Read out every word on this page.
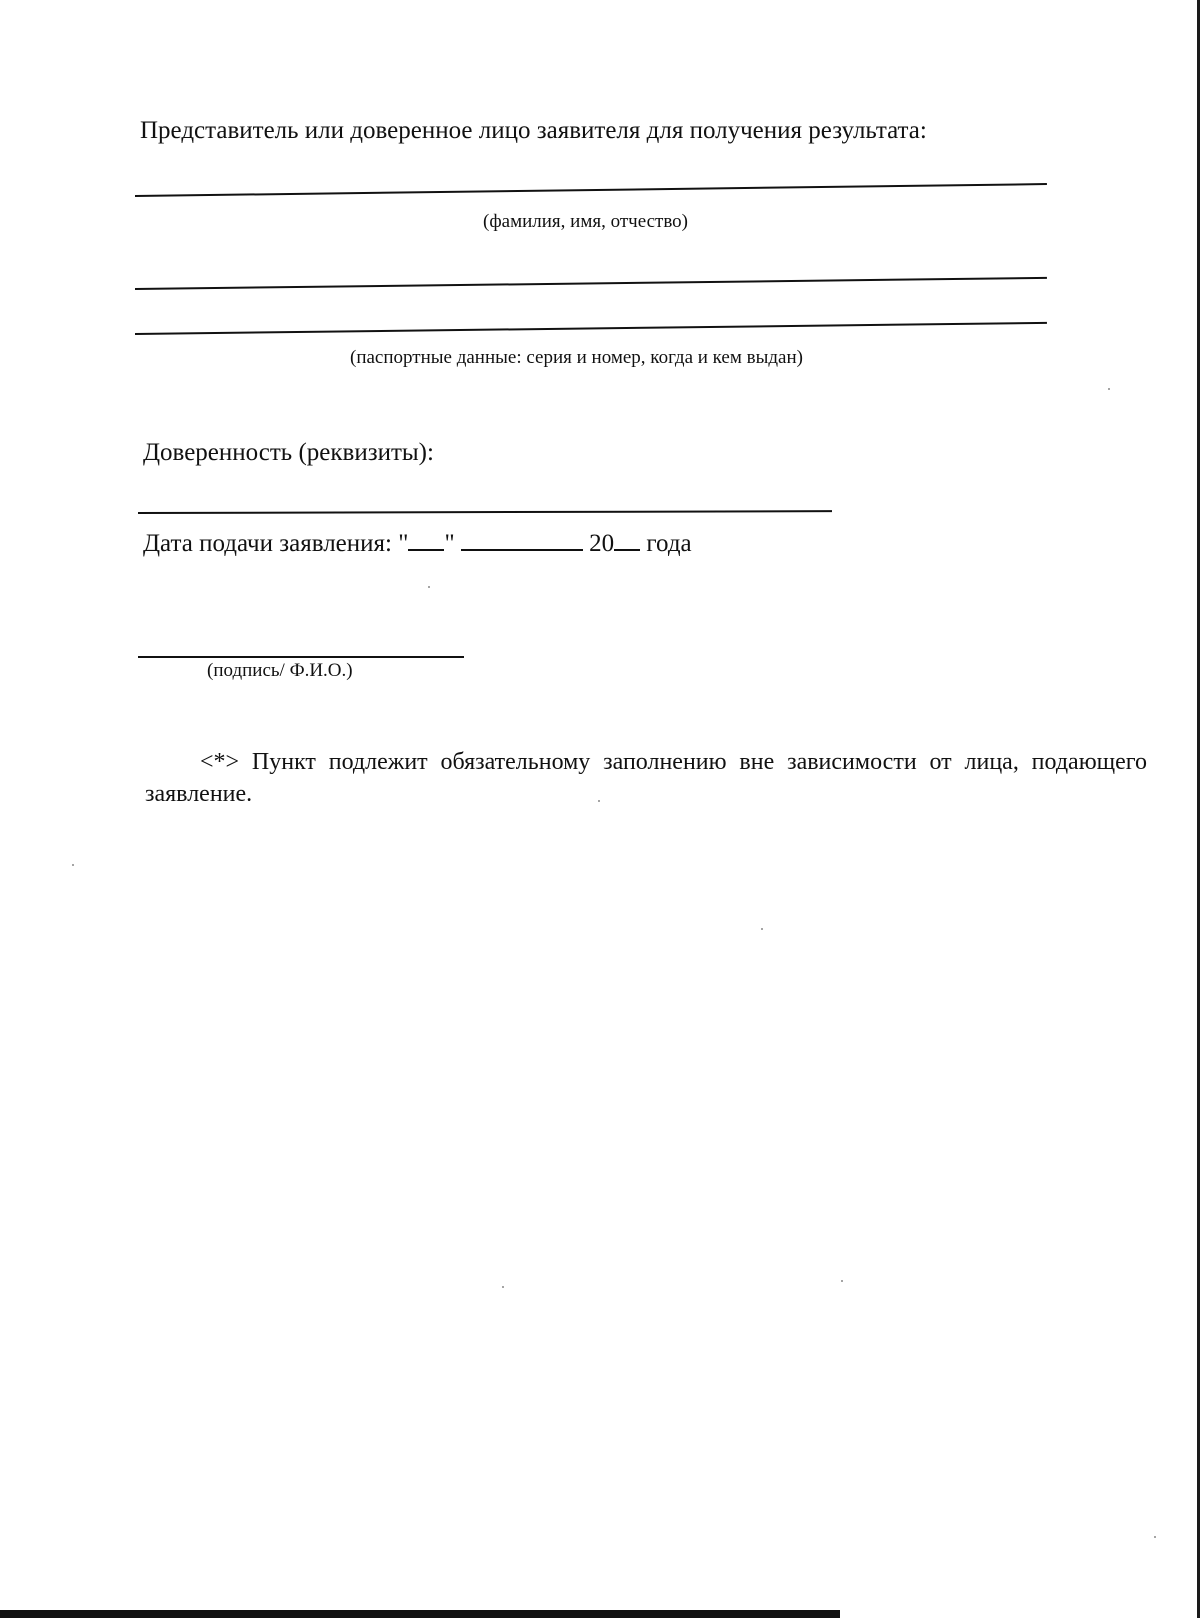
Представитель или доверенное лицо заявителя для получения результата:
(фамилия, имя, отчество)
(паспортные данные: серия и номер, когда и кем выдан)
Доверенность (реквизиты):
Дата подачи заявления: " "	20 года
(подпись/ Ф.И.О.)
<*> Пункт подлежит обязательному заполнению вне зависимости от лица, подающего заявление.
